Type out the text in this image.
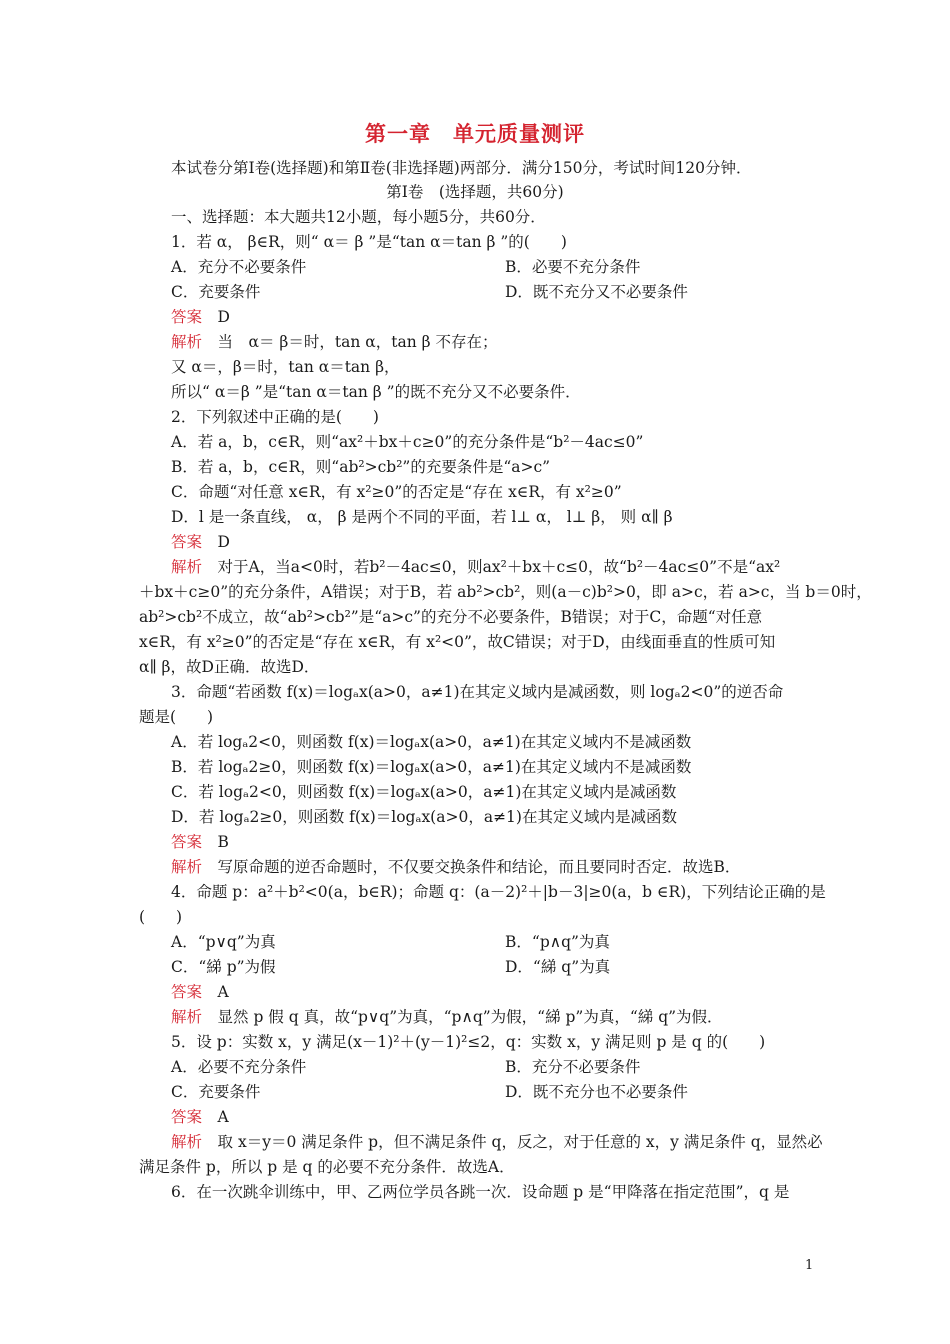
第一章　单元质量测评
本试卷分第Ⅰ卷(选择题)和第Ⅱ卷(非选择题)两部分．满分150分，考试时间120分钟．
第Ⅰ卷　(选择题，共60分)
一、选择题：本大题共12小题，每小题5分，共60分．
1．若 α， β∈R，则“ α＝ β ”是“tan α＝tan β ”的(　　)
A．充分不必要条件	B．必要不充分条件
C．充要条件	D．既不充分又不必要条件
答案　 D
解析　 当　α＝ β＝时，tan α，tan β 不存在；
又 α＝，β＝时，tan α＝tan β，
所以“ α＝β ”是“tan α＝tan β ”的既不充分又不必要条件．
2．下列叙述中正确的是(　　)
A．若 a，b，c∈R，则“ax²＋bx＋c≥0”的充分条件是“b²－4ac≤0”
B．若 a，b，c∈R，则“ab²>cb²”的充要条件是“a>c”
C．命题“对任意 x∈R，有 x²≥0”的否定是“存在 x∈R，有 x²≥0”
D．l 是一条直线， α， β 是两个不同的平面，若 l⊥ α， l⊥ β， 则 α∥ β
答案　 D
解析　 对于A，当a<0时，若b²－4ac≤0，则ax²＋bx＋c≤0，故“b²－4ac≤0”不是“ax²
＋bx＋c≥0”的充分条件，A错误；对于B，若 ab²>cb²，则(a－c)b²>0，即 a>c，若 a>c，当 b＝0时，
ab²>cb²不成立，故“ab²>cb²”是“a>c”的充分不必要条件，B错误；对于C，命题“对任意
x∈R，有 x²≥0”的否定是“存在 x∈R，有 x²<0”，故C错误；对于D，由线面垂直的性质可知
α∥ β，故D正确．故选D．
3．命题“若函数 f(x)＝logₐx(a>0，a≠1)在其定义域内是减函数，则 logₐ2<0”的逆否命
题是(　　)
A．若 logₐ2<0，则函数 f(x)＝logₐx(a>0，a≠1)在其定义域内不是减函数
B．若 logₐ2≥0，则函数 f(x)＝logₐx(a>0，a≠1)在其定义域内不是减函数
C．若 logₐ2<0，则函数 f(x)＝logₐx(a>0，a≠1)在其定义域内是减函数
D．若 logₐ2≥0，则函数 f(x)＝logₐx(a>0，a≠1)在其定义域内是减函数
答案　 B
解析　 写原命题的逆否命题时，不仅要交换条件和结论，而且要同时否定．故选B．
4．命题 p：a²＋b²<0(a，b∈R)；命题 q：(a－2)²＋|b－3|≥0(a，b ∈R)，下列结论正确的是
(　　)
A．“p∨q”为真	B．“p∧q”为真
C．“綈 p”为假	D．“綈 q”为真
答案　 A
解析　 显然 p 假 q 真，故“p∨q”为真，“p∧q”为假，“綈 p”为真，“綈 q”为假．
5．设 p：实数 x，y 满足(x－1)²＋(y－1)²≤2，q：实数 x，y 满足则 p 是 q 的(　　)
A．必要不充分条件	B．充分不必要条件
C．充要条件	D．既不充分也不必要条件
答案　 A
解析　 取 x＝y＝0 满足条件 p，但不满足条件 q，反之，对于任意的 x，y 满足条件 q，显然必
满足条件 p，所以 p 是 q 的必要不充分条件．故选A．
6．在一次跳伞训练中，甲、乙两位学员各跳一次．设命题 p 是“甲降落在指定范围”，q 是
1
